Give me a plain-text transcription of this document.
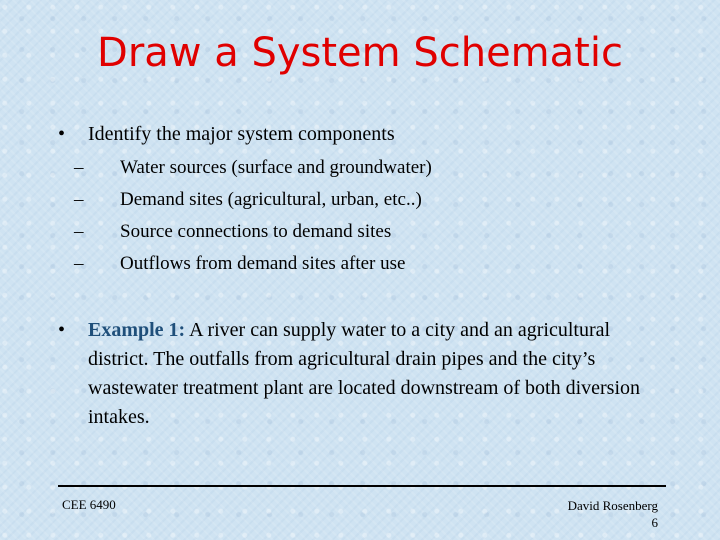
Draw a System Schematic
•	Identify the major system components
–	Water sources (surface and groundwater)
–	Demand sites (agricultural, urban, etc..)
–	Source connections to demand sites
–	Outflows from demand sites after use
•	Example 1: A river can supply water to a city and an agricultural district. The outfalls from agricultural drain pipes and the city’s wastewater treatment plant are located downstream of both diversion intakes.
CEE 6490	David Rosenberg
6
